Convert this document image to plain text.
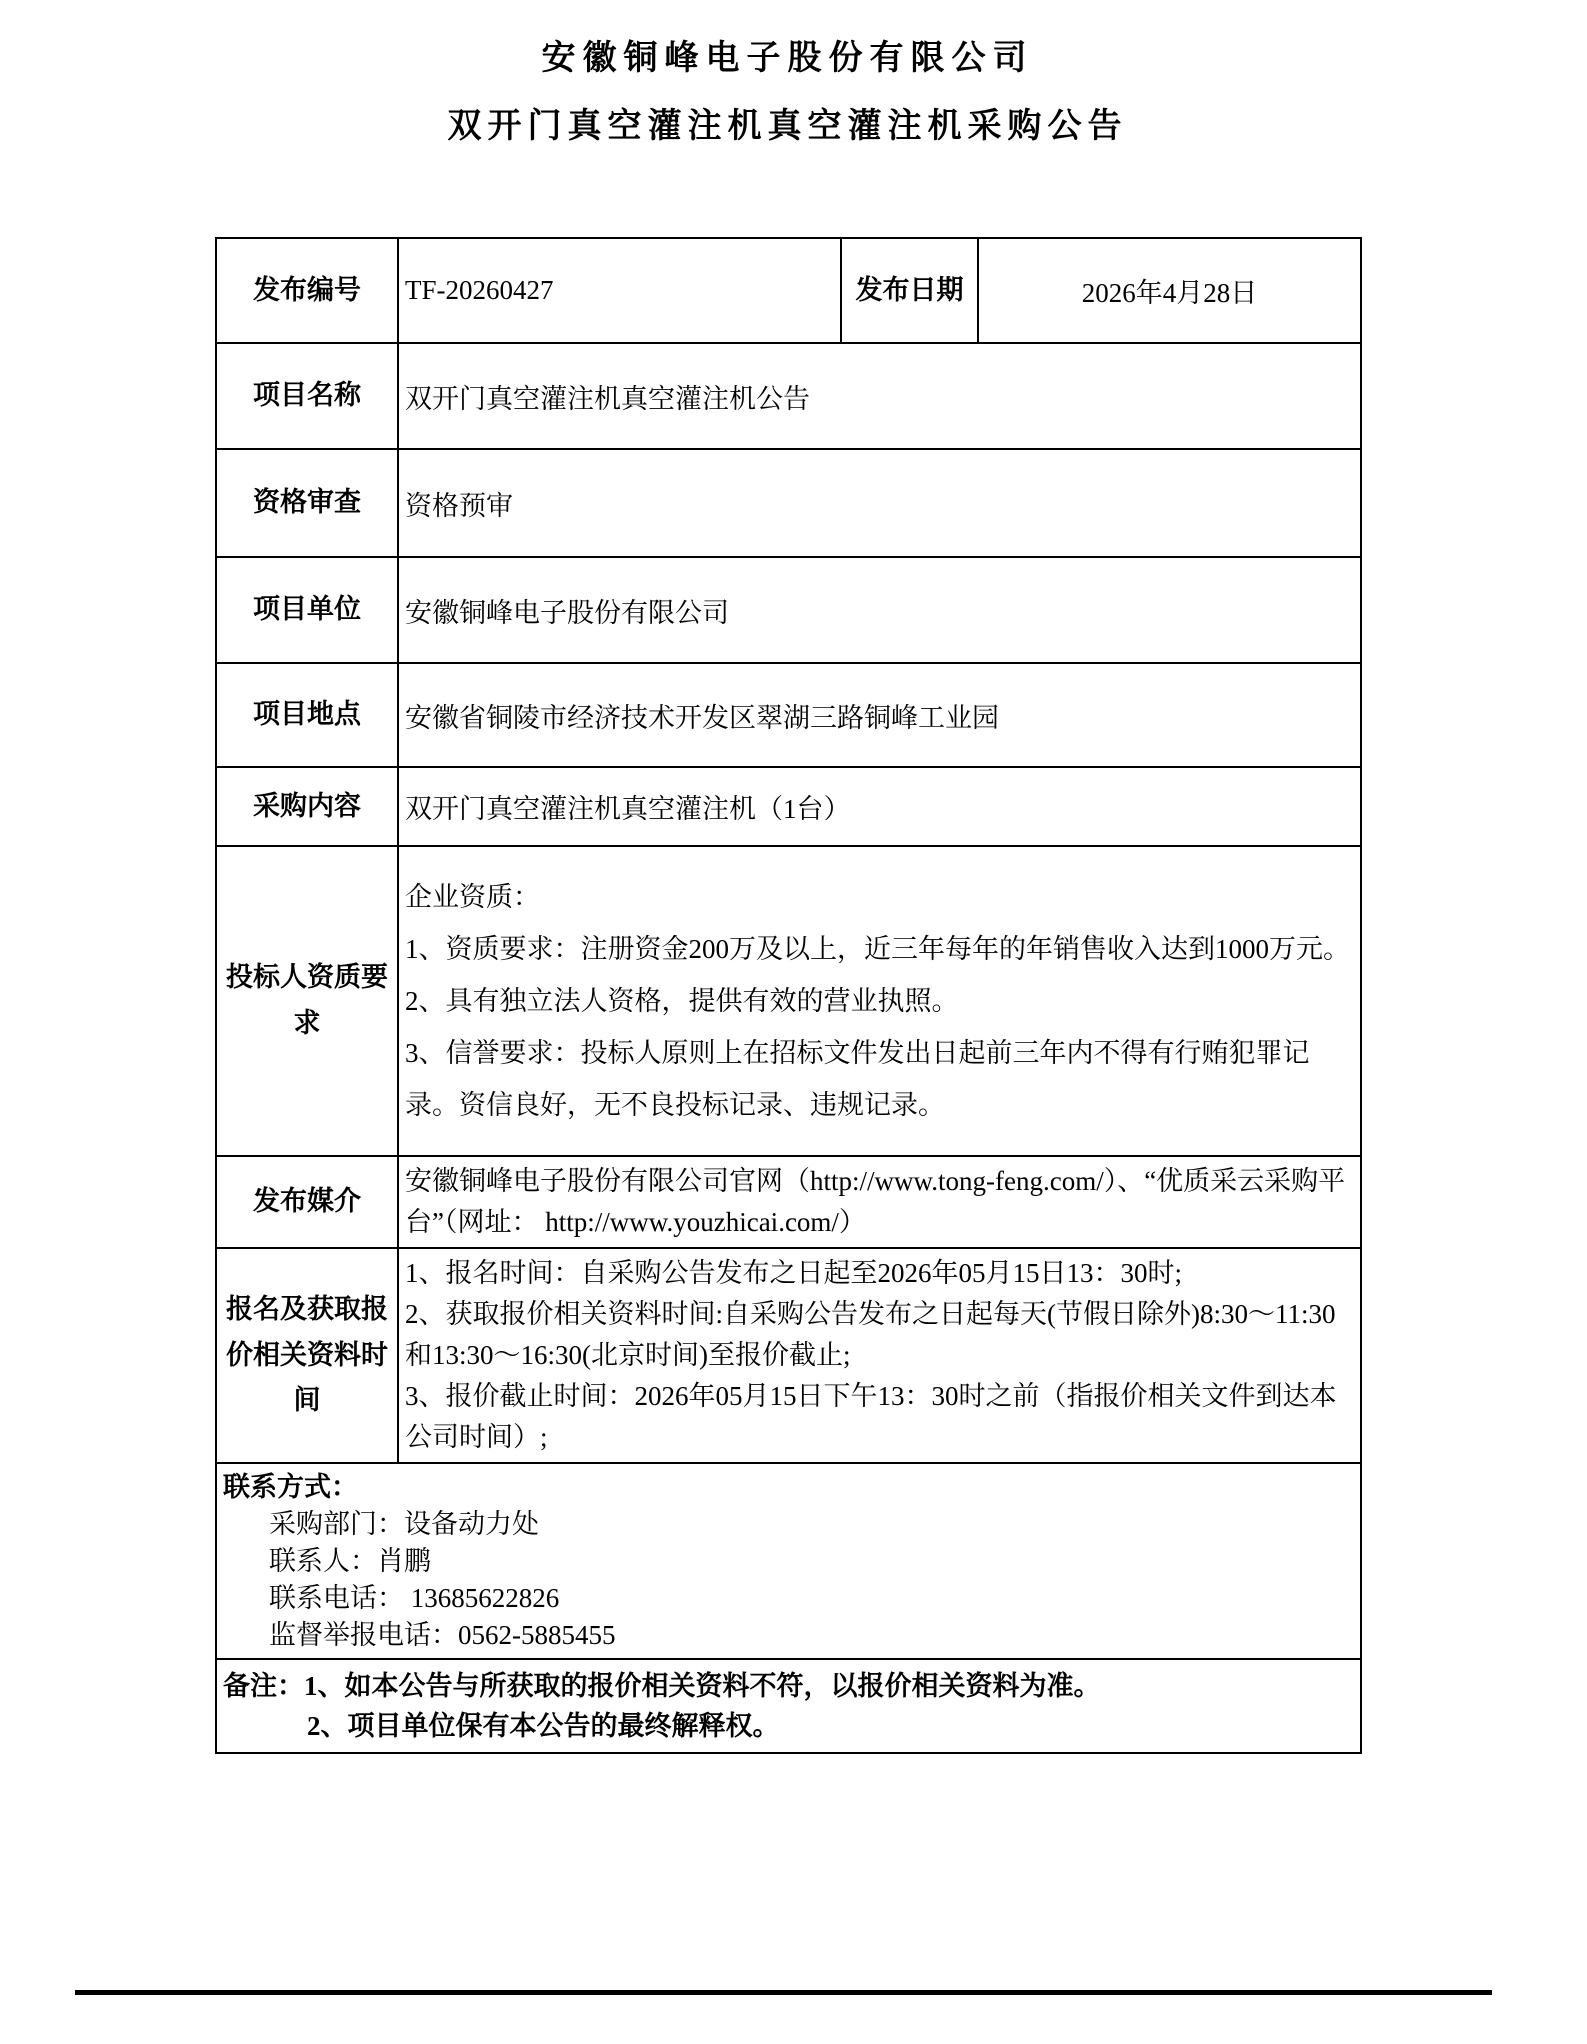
安徽铜峰电子股份有限公司
双开门真空灌注机真空灌注机采购公告
发布编号	TF-20260427	发布日期	2026年4月28日
项目名称	双开门真空灌注机真空灌注机公告		
资格审查	资格预审		
项目单位	安徽铜峰电子股份有限公司		
项目地点	安徽省铜陵市经济技术开发区翠湖三路铜峰工业园		
采购内容	双开门真空灌注机真空灌注机（1台）		
投标人资质要求	企业资质：
1、资质要求：注册资金200万及以上，近三年每年的年销售收入达到1000万元。
2、具有独立法人资格，提供有效的营业执照。
3、信誉要求：投标人原则上在招标文件发出日起前三年内不得有行贿犯罪记录。资信良好，无不良投标记录、违规记录。		

发布媒介	安徽铜峰电子股份有限公司官网（http://www.tong-feng.com/）、“优质采云采购平台”（网址： http://www.youzhicai.com/）		

报名及获取报价相关资料时间	1、报名时间：自采购公告发布之日起至2026年05月15日13：30时;
2、获取报价相关资料时间:自采购公告发布之日起每天(节假日除外)8:30～11:30和13:30～16:30(北京时间)至报价截止;
3、报价截止时间：2026年05月15日下午13：30时之前（指报价相关文件到达本公司时间）;		

联系方式：
采购部门：设备动力处
联系人：肖鹏
联系电话： 13685622826
监督举报电话：0562-5885455			

备注：1、如本公告与所获取的报价相关资料不符，以报价相关资料为准。
2、项目单位保有本公告的最终解释权。			
